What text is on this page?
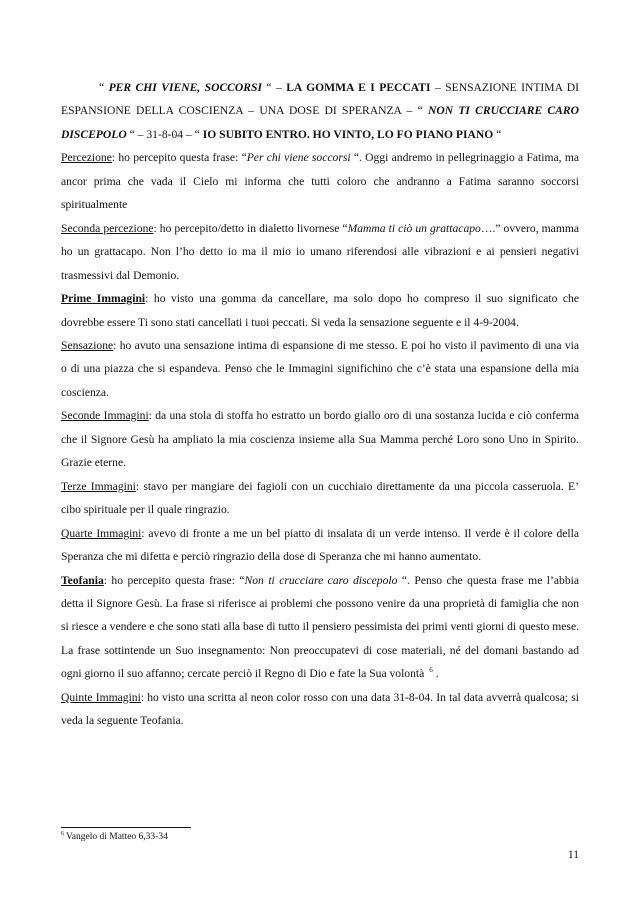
“ PER CHI VIENE, SOCCORSI “ – LA GOMMA E I PECCATI – SENSAZIONE INTIMA DI ESPANSIONE DELLA COSCIENZA – UNA DOSE DI SPERANZA – “ NON TI CRUCCIARE CARO DISCEPOLO “ – 31-8-04 – “ IO SUBITO ENTRO. HO VINTO, LO FO PIANO PIANO “

Percezione: ho percepito questa frase: “Per chi viene soccorsi “. Oggi andremo in pellegrinaggio a Fatima, ma ancor prima che vada il Cielo mi informa che tutti coloro che andranno a Fatima saranno soccorsi spiritualmente

Seconda percezione: ho percepito/detto in dialetto livornese “Mamma ti ciò un grattacapo….” ovvero, mamma ho un grattacapo. Non l’ho detto io ma il mio io umano riferendosi alle vibrazioni e ai pensieri negativi trasmessivi dal Demonio.

Prime Immagini: ho visto una gomma da cancellare, ma solo dopo ho compreso il suo significato che dovrebbe essere Ti sono stati cancellati i tuoi peccati. Si veda la sensazione seguente e il 4-9-2004.

Sensazione: ho avuto una sensazione intima di espansione di me stesso. E poi ho visto il pavimento di una via o di una piazza che si espandeva. Penso che le Immagini significhino che c’è stata una espansione della mia coscienza.

Seconde Immagini: da una stola di stoffa ho estratto un bordo giallo oro di una sostanza lucida e ciò conferma che il Signore Gesù ha ampliato la mia coscienza insieme alla Sua Mamma perché Loro sono Uno in Spirito. Grazie eterne.

Terze Immagini: stavo per mangiare dei fagioli con un cucchiaio direttamente da una piccola casseruola. E’ cibo spirituale per il quale ringrazio.

Quarte Immagini: avevo di fronte a me un bel piatto di insalata di un verde intenso. Il verde è il colore della Speranza che mi difetta e perciò ringrazio della dose di Speranza che mi hanno aumentato.

Teofania: ho percepito questa frase: “Non ti crucciare caro discepolo “. Penso che questa frase me l’abbia detta il Signore Gesù. La frase si riferisce ai problemi che possono venire da una proprietà di famiglia che non si riesce a vendere e che sono stati alla base di tutto il pensiero pessimista dei primi venti giorni di questo mese. La frase sottintende un Suo insegnamento: Non preoccupatevi di cose materiali, né del domani bastando ad ogni giorno il suo affanno; cercate perciò il Regno di Dio e fate la Sua volontà $^6$ .

Quinte Immagini: ho visto una scritta al neon color rosso con una data 31-8-04. In tal data avverrà qualcosa; si veda la seguente Teofania.

$^6$ Vangelo di Matteo 6,33-34
11
